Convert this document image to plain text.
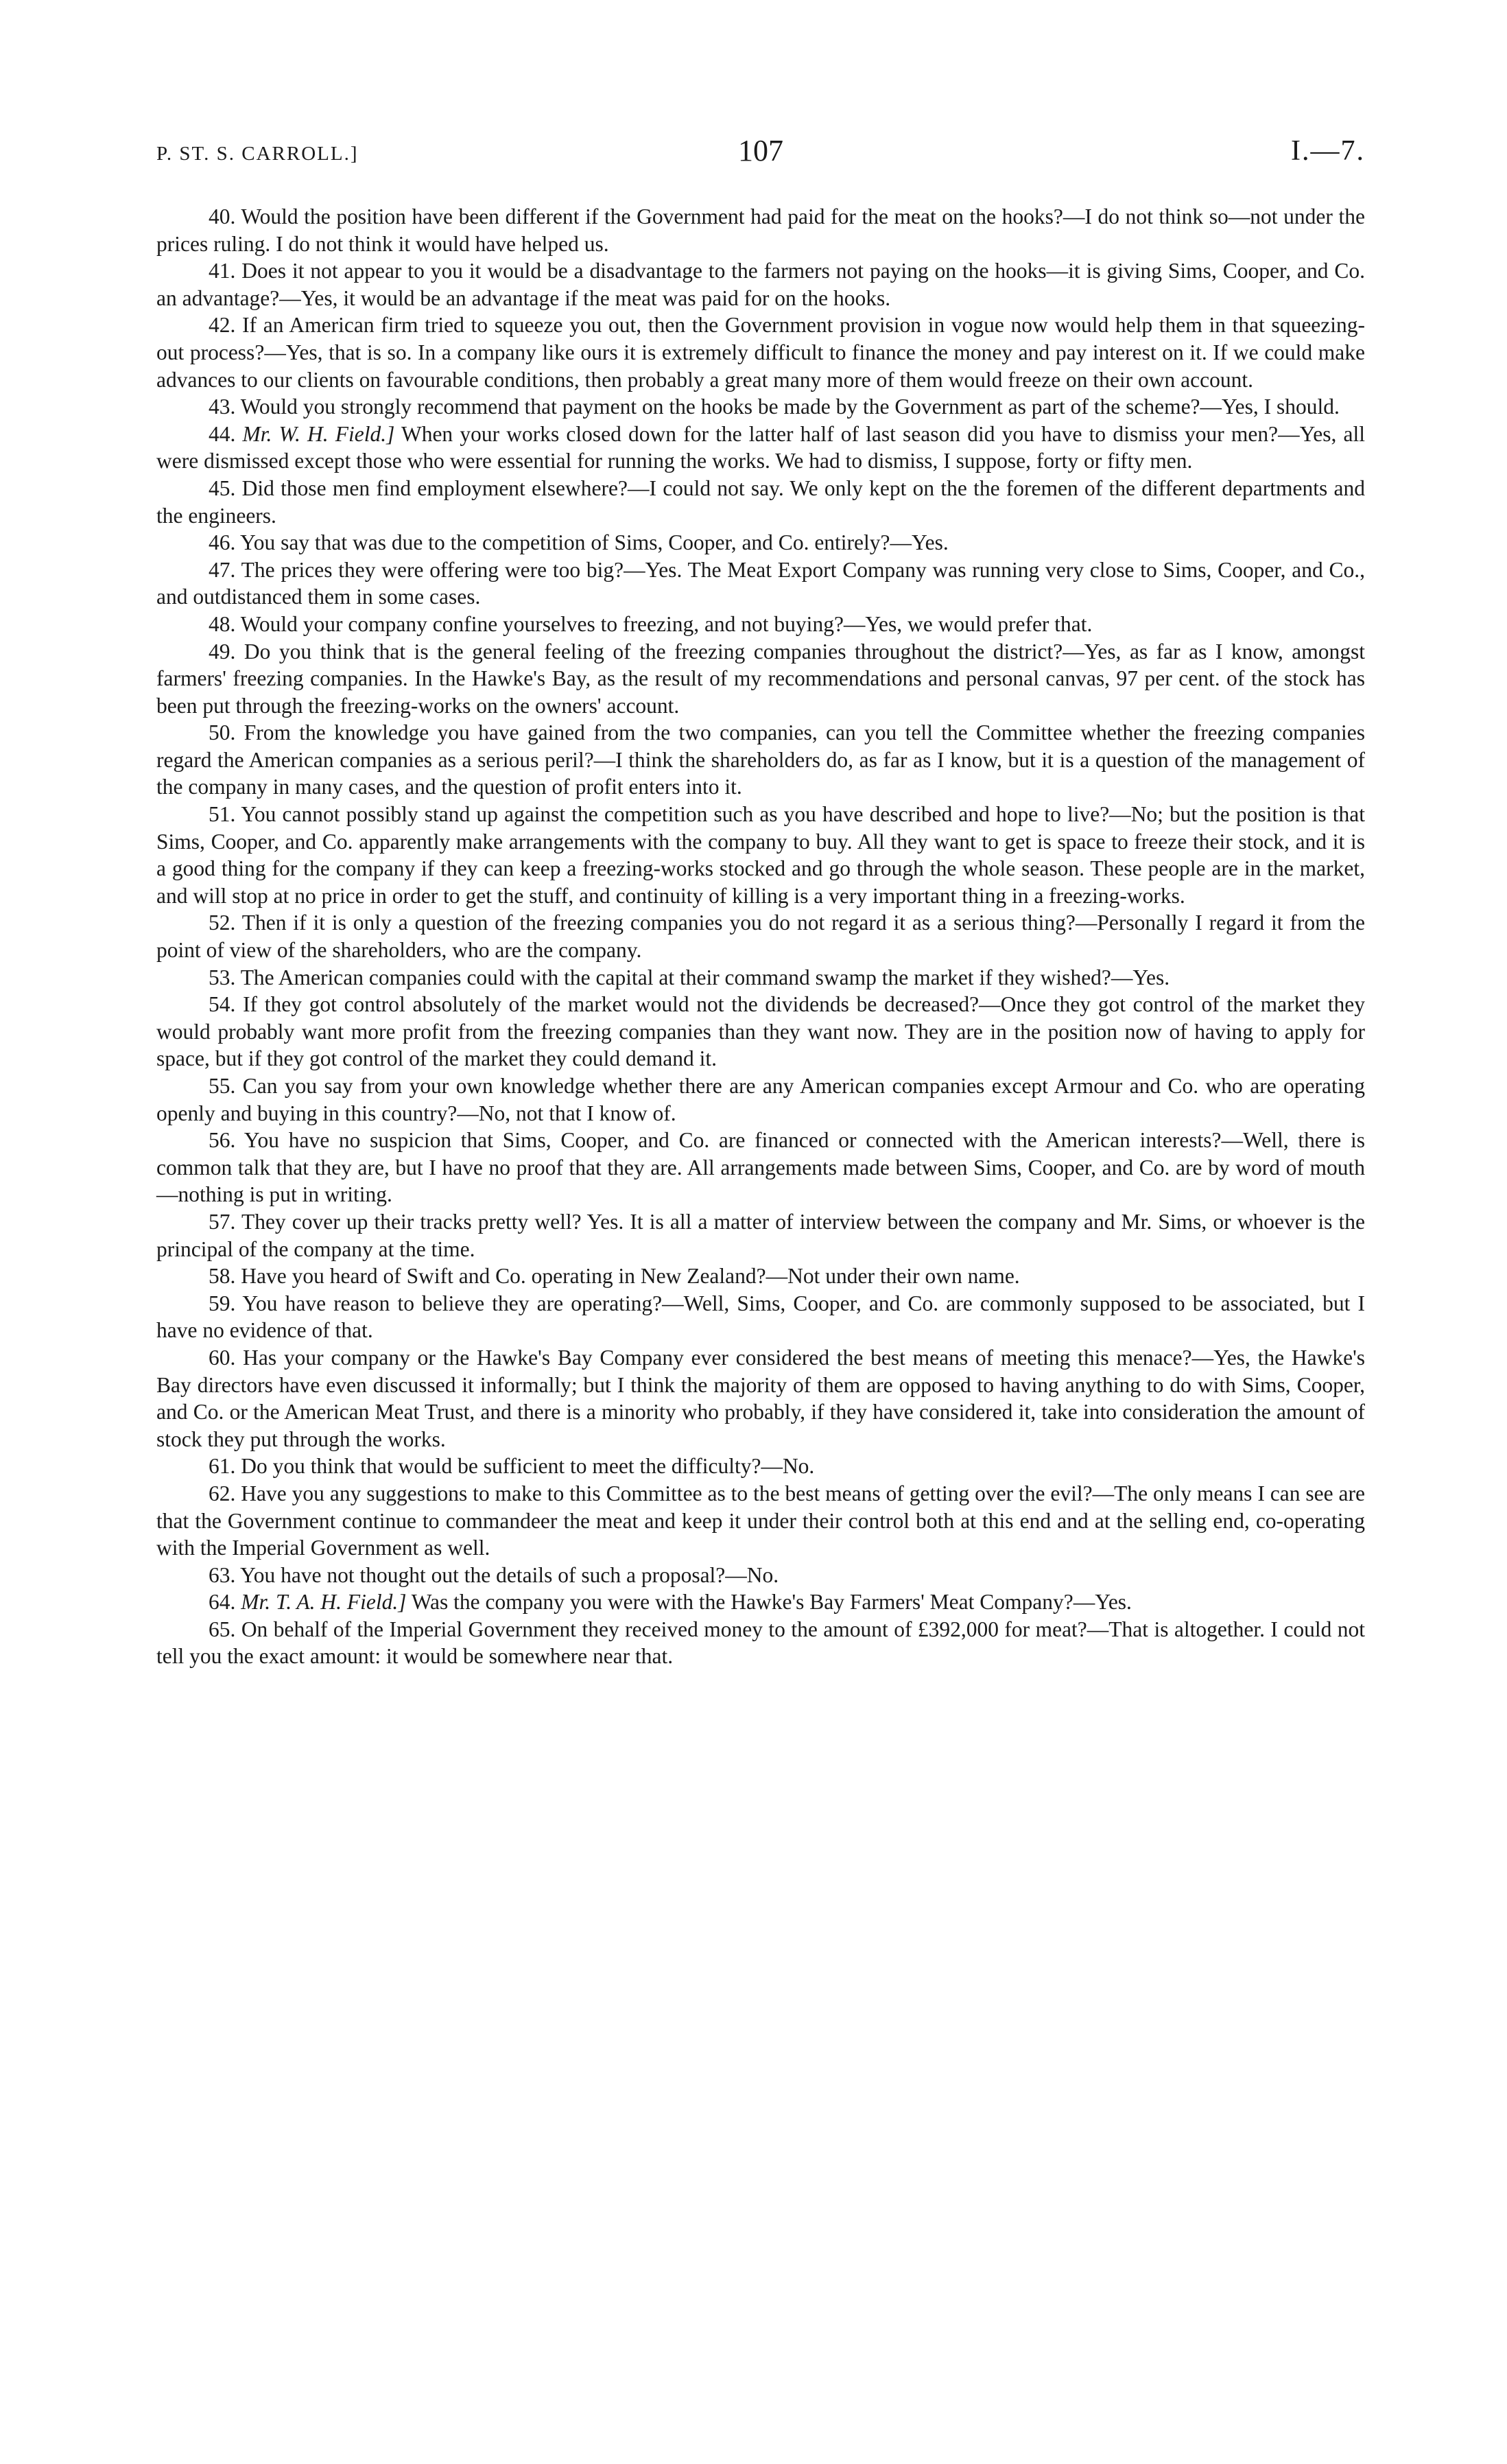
P. ST. S. CARROLL.]	107	I.—7.

40. Would the position have been different if the Government had paid for the meat on the hooks?—I do not think so—not under the prices ruling. I do not think it would have helped us.

41. Does it not appear to you it would be a disadvantage to the farmers not paying on the hooks—it is giving Sims, Cooper, and Co. an advantage?—Yes, it would be an advantage if the meat was paid for on the hooks.

42. If an American firm tried to squeeze you out, then the Government provision in vogue now would help them in that squeezing-out process?—Yes, that is so. In a company like ours it is extremely difficult to finance the money and pay interest on it. If we could make advances to our clients on favourable conditions, then probably a great many more of them would freeze on their own account.

43. Would you strongly recommend that payment on the hooks be made by the Government as part of the scheme?—Yes, I should.

44. Mr. W. H. Field.] When your works closed down for the latter half of last season did you have to dismiss your men?—Yes, all were dismissed except those who were essential for running the works. We had to dismiss, I suppose, forty or fifty men.

45. Did those men find employment elsewhere?—I could not say. We only kept on the the foremen of the different departments and the engineers.

46. You say that was due to the competition of Sims, Cooper, and Co. entirely?—Yes.

47. The prices they were offering were too big?—Yes. The Meat Export Company was running very close to Sims, Cooper, and Co., and outdistanced them in some cases.

48. Would your company confine yourselves to freezing, and not buying?—Yes, we would prefer that.

49. Do you think that is the general feeling of the freezing companies throughout the district?—Yes, as far as I know, amongst farmers' freezing companies. In the Hawke's Bay, as the result of my recommendations and personal canvas, 97 per cent. of the stock has been put through the freezing-works on the owners' account.

50. From the knowledge you have gained from the two companies, can you tell the Committee whether the freezing companies regard the American companies as a serious peril?—I think the shareholders do, as far as I know, but it is a question of the management of the company in many cases, and the question of profit enters into it.

51. You cannot possibly stand up against the competition such as you have described and hope to live?—No; but the position is that Sims, Cooper, and Co. apparently make arrangements with the company to buy. All they want to get is space to freeze their stock, and it is a good thing for the company if they can keep a freezing-works stocked and go through the whole season. These people are in the market, and will stop at no price in order to get the stuff, and continuity of killing is a very important thing in a freezing-works.

52. Then if it is only a question of the freezing companies you do not regard it as a serious thing?—Personally I regard it from the point of view of the shareholders, who are the company.

53. The American companies could with the capital at their command swamp the market if they wished?—Yes.

54. If they got control absolutely of the market would not the dividends be decreased?—Once they got control of the market they would probably want more profit from the freezing companies than they want now. They are in the position now of having to apply for space, but if they got control of the market they could demand it.

55. Can you say from your own knowledge whether there are any American companies except Armour and Co. who are operating openly and buying in this country?—No, not that I know of.

56. You have no suspicion that Sims, Cooper, and Co. are financed or connected with the American interests?—Well, there is common talk that they are, but I have no proof that they are. All arrangements made between Sims, Cooper, and Co. are by word of mouth—nothing is put in writing.

57. They cover up their tracks pretty well? Yes. It is all a matter of interview between the company and Mr. Sims, or whoever is the principal of the company at the time.

58. Have you heard of Swift and Co. operating in New Zealand?—Not under their own name.

59. You have reason to believe they are operating?—Well, Sims, Cooper, and Co. are commonly supposed to be associated, but I have no evidence of that.

60. Has your company or the Hawke's Bay Company ever considered the best means of meeting this menace?—Yes, the Hawke's Bay directors have even discussed it informally; but I think the majority of them are opposed to having anything to do with Sims, Cooper, and Co. or the American Meat Trust, and there is a minority who probably, if they have considered it, take into consideration the amount of stock they put through the works.

61. Do you think that would be sufficient to meet the difficulty?—No.

62. Have you any suggestions to make to this Committee as to the best means of getting over the evil?—The only means I can see are that the Government continue to commandeer the meat and keep it under their control both at this end and at the selling end, co-operating with the Imperial Government as well.

63. You have not thought out the details of such a proposal?—No.

64. Mr. T. A. H. Field.] Was the company you were with the Hawke's Bay Farmers' Meat Company?—Yes.

65. On behalf of the Imperial Government they received money to the amount of £392,000 for meat?—That is altogether. I could not tell you the exact amount: it would be somewhere near that.
